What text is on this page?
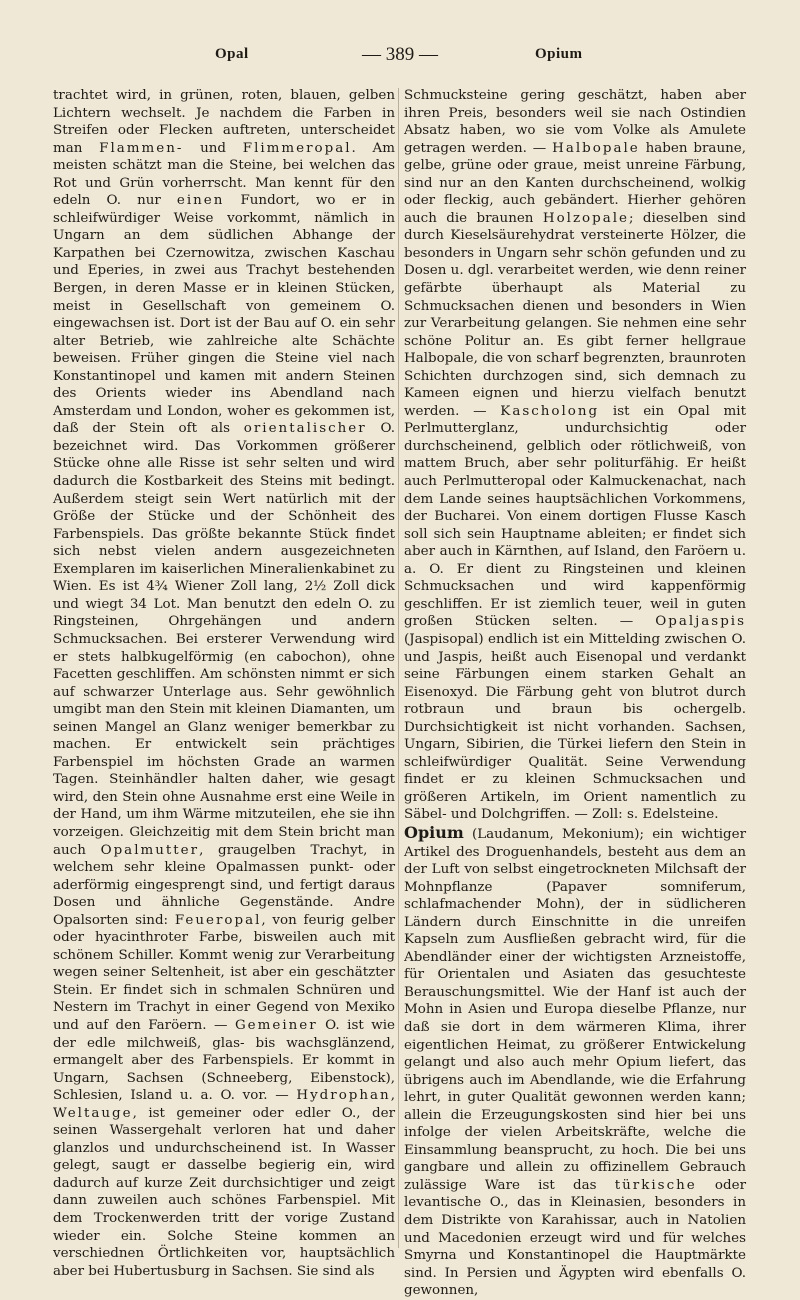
Opal	— 389 —	Opium

trachtet wird, in grünen, roten, blauen, gelben Lichtern wechselt. Je nachdem die Farben in Streifen oder Flecken auftreten, unterscheidet man Flammen- und Flimmeropal. Am meisten schätzt man die Steine, bei welchen das Rot und Grün vorherrscht. Man kennt für den edeln O. nur einen Fundort, wo er in schleifwürdiger Weise vorkommt, nämlich in Ungarn an dem südlichen Abhange der Karpathen bei Czernowitza, zwischen Kaschau und Eperies, in zwei aus Trachyt bestehenden Bergen, in deren Masse er in kleinen Stücken, meist in Gesellschaft von gemeinem O. eingewachsen ist. Dort ist der Bau auf O. ein sehr alter Betrieb, wie zahlreiche alte Schächte beweisen. Früher gingen die Steine viel nach Konstantinopel und kamen mit andern Steinen des Orients wieder ins Abendland nach Amsterdam und London, woher es gekommen ist, daß der Stein oft als orientalischer O. bezeichnet wird. Das Vorkommen größerer Stücke ohne alle Risse ist sehr selten und wird dadurch die Kostbarkeit des Steins mit bedingt. Außerdem steigt sein Wert natürlich mit der Größe der Stücke und der Schönheit des Farbenspiels. Das größte bekannte Stück findet sich nebst vielen andern ausgezeichneten Exemplaren im kaiserlichen Mineralienkabinet zu Wien. Es ist 4¾ Wiener Zoll lang, 2½ Zoll dick und wiegt 34 Lot. Man benutzt den edeln O. zu Ringsteinen, Ohrgehängen und andern Schmucksachen. Bei ersterer Verwendung wird er stets halbkugelförmig (en cabochon), ohne Facetten geschliffen. Am schönsten nimmt er sich auf schwarzer Unterlage aus. Sehr gewöhnlich umgibt man den Stein mit kleinen Diamanten, um seinen Mangel an Glanz weniger bemerkbar zu machen. Er entwickelt sein prächtiges Farbenspiel im höchsten Grade an warmen Tagen. Steinhändler halten daher, wie gesagt wird, den Stein ohne Ausnahme erst eine Weile in der Hand, um ihm Wärme mitzuteilen, ehe sie ihn vorzeigen. Gleichzeitig mit dem Stein bricht man auch Opalmutter, graugelben Trachyt, in welchem sehr kleine Opalmassen punkt- oder aderförmig eingesprengt sind, und fertigt daraus Dosen und ähnliche Gegenstände. Andre Opalsorten sind: Feueropal, von feurig gelber oder hyacinthroter Farbe, bisweilen auch mit schönem Schiller. Kommt wenig zur Verarbeitung wegen seiner Seltenheit, ist aber ein geschätzter Stein. Er findet sich in schmalen Schnüren und Nestern im Trachyt in einer Gegend von Mexiko und auf den Faröern. — Gemeiner O. ist wie der edle milchweiß, glas- bis wachsglänzend, ermangelt aber des Farbenspiels. Er kommt in Ungarn, Sachsen (Schneeberg, Eibenstock), Schlesien, Island u. a. O. vor. — Hydrophan, Weltauge, ist gemeiner oder edler O., der seinen Wassergehalt verloren hat und daher glanzlos und undurchscheinend ist. In Wasser gelegt, saugt er dasselbe begierig ein, wird dadurch auf kurze Zeit durchsichtiger und zeigt dann zuweilen auch schönes Farbenspiel. Mit dem Trockenwerden tritt der vorige Zustand wieder ein. Solche Steine kommen an verschiednen Örtlichkeiten vor, hauptsächlich aber bei Hubertusburg in Sachsen. Sie sind als

Schmucksteine gering geschätzt, haben aber ihren Preis, besonders weil sie nach Ostindien Absatz haben, wo sie vom Volke als Amulete getragen werden. — Halbopale haben braune, gelbe, grüne oder graue, meist unreine Färbung, sind nur an den Kanten durchscheinend, wolkig oder fleckig, auch gebändert. Hierher gehören auch die braunen Holzopale; dieselben sind durch Kieselsäurehydrat versteinerte Hölzer, die besonders in Ungarn sehr schön gefunden und zu Dosen u. dgl. verarbeitet werden, wie denn reiner gefärbte überhaupt als Material zu Schmucksachen dienen und besonders in Wien zur Verarbeitung gelangen. Sie nehmen eine sehr schöne Politur an. Es gibt ferner hellgraue Halbopale, die von scharf begrenzten, braunroten Schichten durchzogen sind, sich demnach zu Kameen eignen und hierzu vielfach benutzt werden. — Kascholong ist ein Opal mit Perlmutterglanz, undurchsichtig oder durchscheinend, gelblich oder rötlichweiß, von mattem Bruch, aber sehr politurfähig. Er heißt auch Perlmutteropal oder Kalmuckenachat, nach dem Lande seines hauptsächlichen Vorkommens, der Bucharei. Von einem dortigen Flusse Kasch soll sich sein Hauptname ableiten; er findet sich aber auch in Kärnthen, auf Island, den Faröern u. a. O. Er dient zu Ringsteinen und kleinen Schmucksachen und wird kappenförmig geschliffen. Er ist ziemlich teuer, weil in guten großen Stücken selten. — Opaljaspis (Jaspisopal) endlich ist ein Mittelding zwischen O. und Jaspis, heißt auch Eisenopal und verdankt seine Färbungen einem starken Gehalt an Eisenoxyd. Die Färbung geht von blutrot durch rotbraun und braun bis ochergelb. Durchsichtigkeit ist nicht vorhanden. Sachsen, Ungarn, Sibirien, die Türkei liefern den Stein in schleifwürdiger Qualität. Seine Verwendung findet er zu kleinen Schmucksachen und größeren Artikeln, im Orient namentlich zu Säbel- und Dolchgriffen. — Zoll: s. Edelsteine.
Opium (Laudanum, Mekonium); ein wichtiger Artikel des Droguenhandels, besteht aus dem an der Luft von selbst eingetrockneten Milchsaft der Mohnpflanze (Papaver somniferum, schlafmachender Mohn), der in südlicheren Ländern durch Einschnitte in die unreifen Kapseln zum Ausfließen gebracht wird, für die Abendländer einer der wichtigsten Arzneistoffe, für Orientalen und Asiaten das gesuchteste Berauschungsmittel. Wie der Hanf ist auch der Mohn in Asien und Europa dieselbe Pflanze, nur daß sie dort in dem wärmeren Klima, ihrer eigentlichen Heimat, zu größerer Entwickelung gelangt und also auch mehr Opium liefert, das übrigens auch im Abendlande, wie die Erfahrung lehrt, in guter Qualität gewonnen werden kann; allein die Erzeugungskosten sind hier bei uns infolge der vielen Arbeitskräfte, welche die Einsammlung beansprucht, zu hoch. Die bei uns gangbare und allein zu offizinellem Gebrauch zulässige Ware ist das türkische oder levantische O., das in Kleinasien, besonders in dem Distrikte von Karahissar, auch in Natolien und Macedonien erzeugt wird und für welches Smyrna und Konstantinopel die Hauptmärkte sind. In Persien und Ägypten wird ebenfalls O. gewonnen,
